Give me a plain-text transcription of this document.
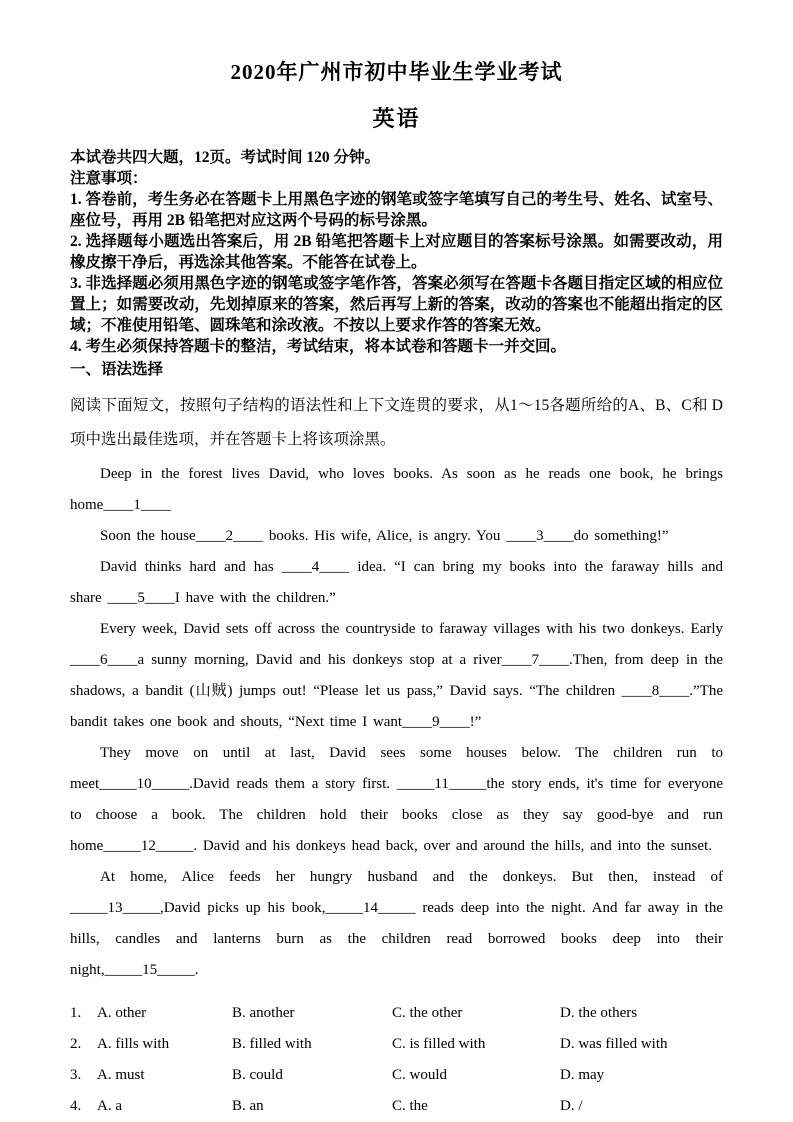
2020年广州市初中毕业生学业考试
英语

本试卷共四大题，12页。考试时间 120 分钟。

注意事项：

1. 答卷前，考生务必在答题卡上用黑色字迹的钢笔或签字笔填写自己的考生号、姓名、试室号、座位号，再用 2B 铅笔把对应这两个号码的标号涂黑。

2. 选择题每小题选出答案后，用 2B 铅笔把答题卡上对应题目的答案标号涂黑。如需要改动，用橡皮擦干净后，再选涂其他答案。不能答在试卷上。

3. 非选择题必须用黑色字迹的钢笔或签字笔作答，答案必须写在答题卡各题目指定区域的相应位置上；如需要改动，先划掉原来的答案，然后再写上新的答案，改动的答案也不能超出指定的区域；不准使用铅笔、圆珠笔和涂改液。不按以上要求作答的答案无效。

4. 考生必须保持答题卡的整洁，考试结束，将本试卷和答题卡一并交回。

一、语法选择

阅读下面短文，按照句子结构的语法性和上下文连贯的要求，从1～15各题所给的A、B、C和 D 项中选出最佳选项，并在答题卡上将该项涂黑。

Deep in the forest lives David, who loves books. As soon as he reads one book, he brings home____1____

Soon the house____2____ books. His wife, Alice, is angry. You ____3____do something!”

David thinks hard and has ____4____ idea. “I can bring my books into the faraway hills and share ____5____I have with the children.”

Every week, David sets off across the countryside to faraway villages with his two donkeys. Early ____6____a sunny morning, David and his donkeys stop at a river____7____.Then, from deep in the shadows, a bandit (山贼) jumps out! “Please let us pass,” David says. “The children ____8____.”The bandit takes one book and shouts, “Next time I want____9____!”

They move on until at last, David sees some houses below. The children run to meet_____10_____.David reads them a story first. _____11_____the story ends, it's time for everyone to choose a book. The children hold their books close as they say good-bye and run home_____12_____. David and his donkeys head back, over and around the hills, and into the sunset.

At home, Alice feeds her hungry husband and the donkeys. But then, instead of _____13_____,David picks up his book,_____14_____ reads deep into the night. And far away in the hills, candles and lanterns burn as the children read borrowed books deep into their night,_____15_____.

1.	A. other	B. another	C. the other	D. the others
2.	A. fills with	B. filled with	C. is filled with	D. was filled with
3.	A. must	B. could	C. would	D. may
4.	A. a	B. an	C. the	D. /
